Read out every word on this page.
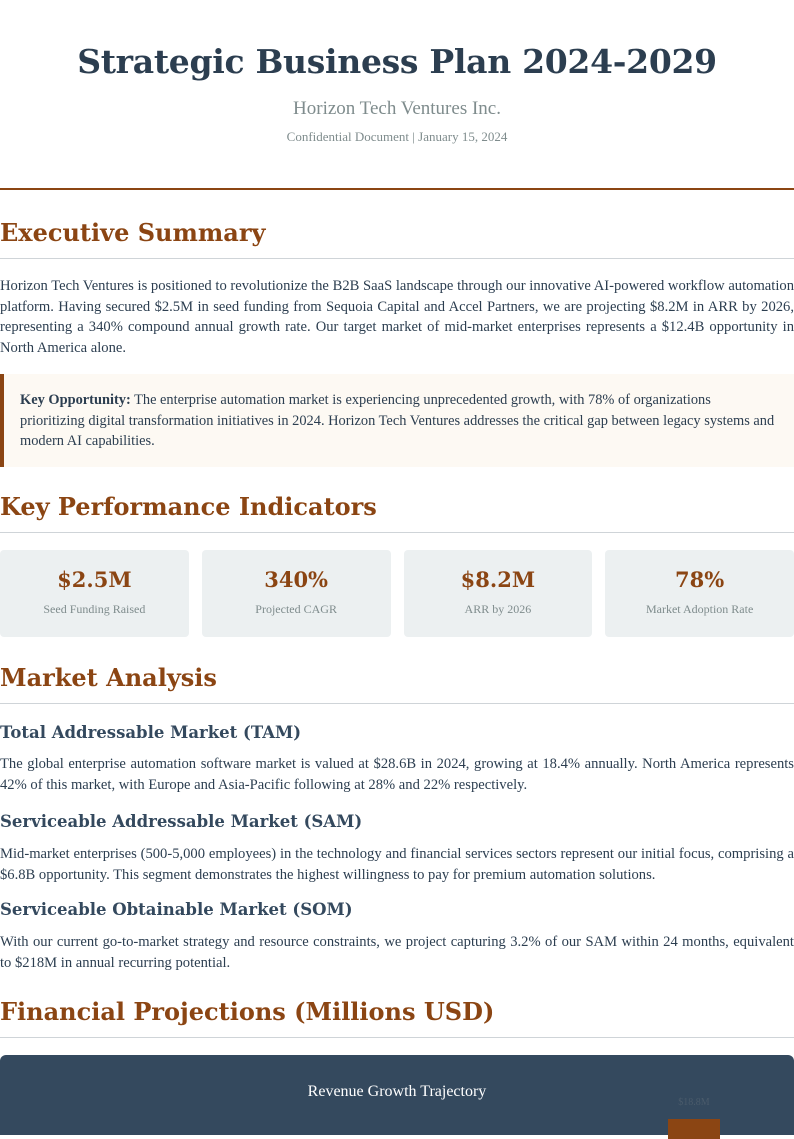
Strategic Business Plan 2024-2029
Horizon Tech Ventures Inc.
Confidential Document | January 15, 2024
Executive Summary

Horizon Tech Ventures is positioned to revolutionize the B2B SaaS landscape through our innovative AI-powered workflow automation platform. Having secured $2.5M in seed funding from Sequoia Capital and Accel Partners, we are projecting $8.2M in ARR by 2026, representing a 340% compound annual growth rate. Our target market of mid-market enterprises represents a $12.4B opportunity in North America alone.

Key Opportunity: The enterprise automation market is experiencing unprecedented growth, with 78% of organizations prioritizing digital transformation initiatives in 2024. Horizon Tech Ventures addresses the critical gap between legacy systems and modern AI capabilities.
Key Performance Indicators
$2.5M
Seed Funding Raised
340%
Projected CAGR
$8.2M
ARR by 2026
78%
Market Adoption Rate
Market Analysis
Total Addressable Market (TAM)

The global enterprise automation software market is valued at $28.6B in 2024, growing at 18.4% annually. North America represents 42% of this market, with Europe and Asia-Pacific following at 28% and 22% respectively.

Serviceable Addressable Market (SAM)

Mid-market enterprises (500-5,000 employees) in the technology and financial services sectors represent our initial focus, comprising a $6.8B opportunity. This segment demonstrates the highest willingness to pay for premium automation solutions.

Serviceable Obtainable Market (SOM)

With our current go-to-market strategy and resource constraints, we project capturing 3.2% of our SAM within 24 months, equivalent to $218M in annual recurring potential.

Financial Projections (Millions USD)
Revenue Growth Trajectory
$18.8M
